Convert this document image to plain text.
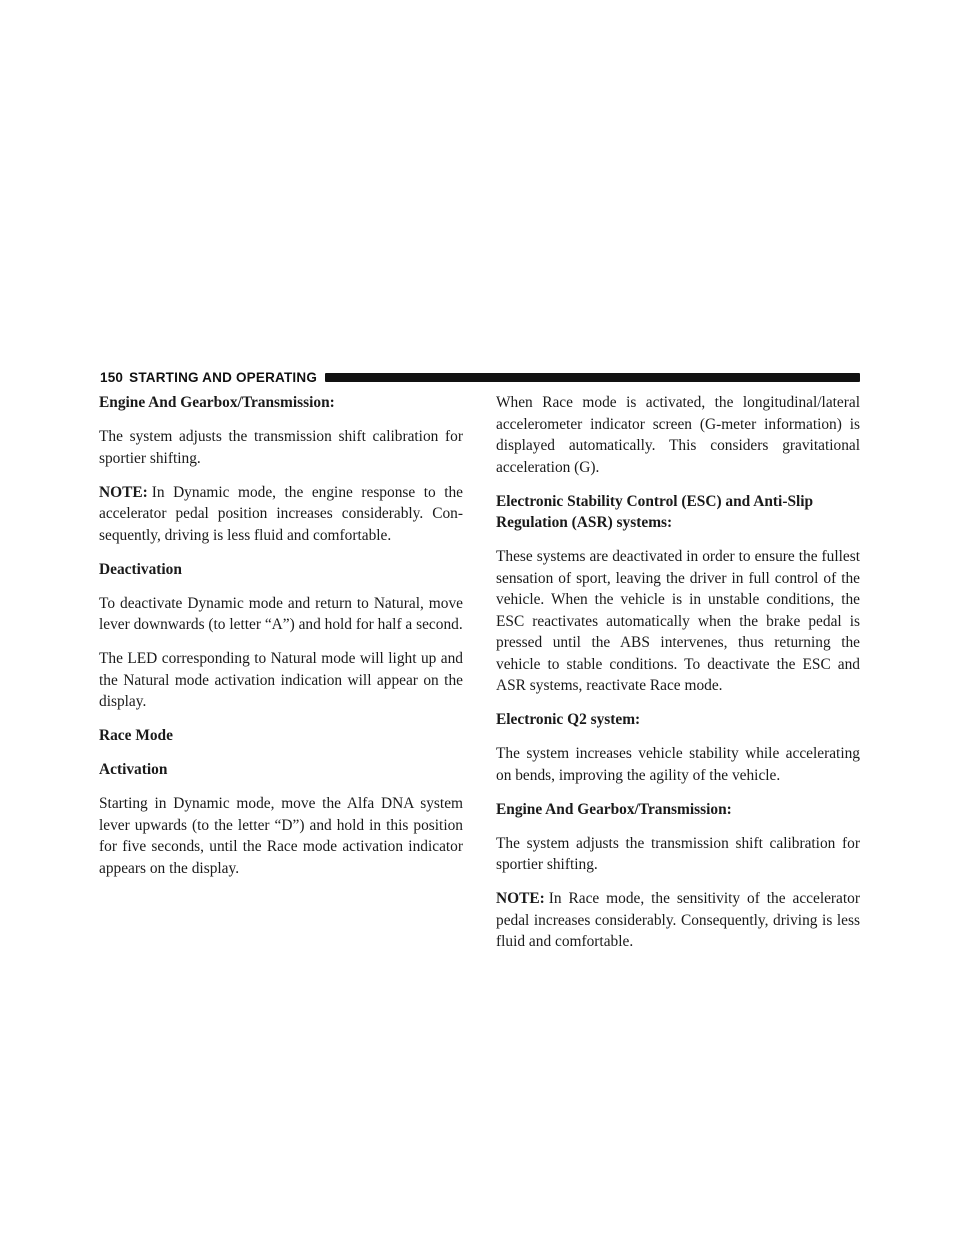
150 STARTING AND OPERATING
Engine And Gearbox/Transmission:

The system adjusts the transmission shift calibration for sportier shifting.

NOTE: In Dynamic mode, the engine response to the accelerator pedal position increases considerably. Con- sequently, driving is less fluid and comfortable.

Deactivation

To deactivate Dynamic mode and return to Natural, move lever downwards (to letter “A”) and hold for half a second.

The LED corresponding to Natural mode will light up and the Natural mode activation indication will appear on the display.

Race Mode
Activation

Starting in Dynamic mode, move the Alfa DNA system lever upwards (to the letter “D”) and hold in this position for five seconds, until the Race mode activation indicator appears on the display.

When Race mode is activated, the longitudinal/lateral accelerometer indicator screen (G-meter information) is displayed automatically. This considers gravitational acceleration (G).

Electronic Stability Control (ESC) and Anti-Slip Regulation (ASR) systems:

These systems are deactivated in order to ensure the fullest sensation of sport, leaving the driver in full control of the vehicle. When the vehicle is in unstable conditions, the ESC reactivates automatically when the brake pedal is pressed until the ABS intervenes, thus returning the vehicle to stable conditions. To deactivate the ESC and ASR systems, reactivate Race mode.

Electronic Q2 system:

The system increases vehicle stability while accelerating on bends, improving the agility of the vehicle.

Engine And Gearbox/Transmission:

The system adjusts the transmission shift calibration for sportier shifting.

NOTE: In Race mode, the sensitivity of the accelerator pedal increases considerably. Consequently, driving is less fluid and comfortable.
